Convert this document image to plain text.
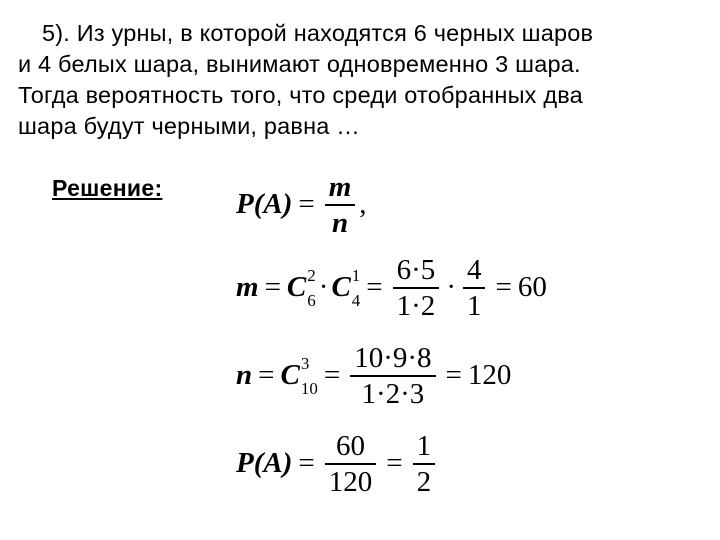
5). Из урны, в которой находятся 6 черных шаров
и 4 белых шара, вынимают одновременно 3 шара.
Тогда вероятность того, что среди отобранных два
шара будут черными, равна …

Решение:
$P(A) = \frac{m}{n}$ ,
m = C 2
6 · C 1
$4 = \frac{6\cdot 5}{1\cdot 2} \cdot \frac{4}{1} = 60$
n = C 3
$10 = \frac{10\cdot 9\cdot 8}{1\cdot 2\cdot 3} = 120$
$P(A) = \frac{60}{120} = \frac{1}{2}$
